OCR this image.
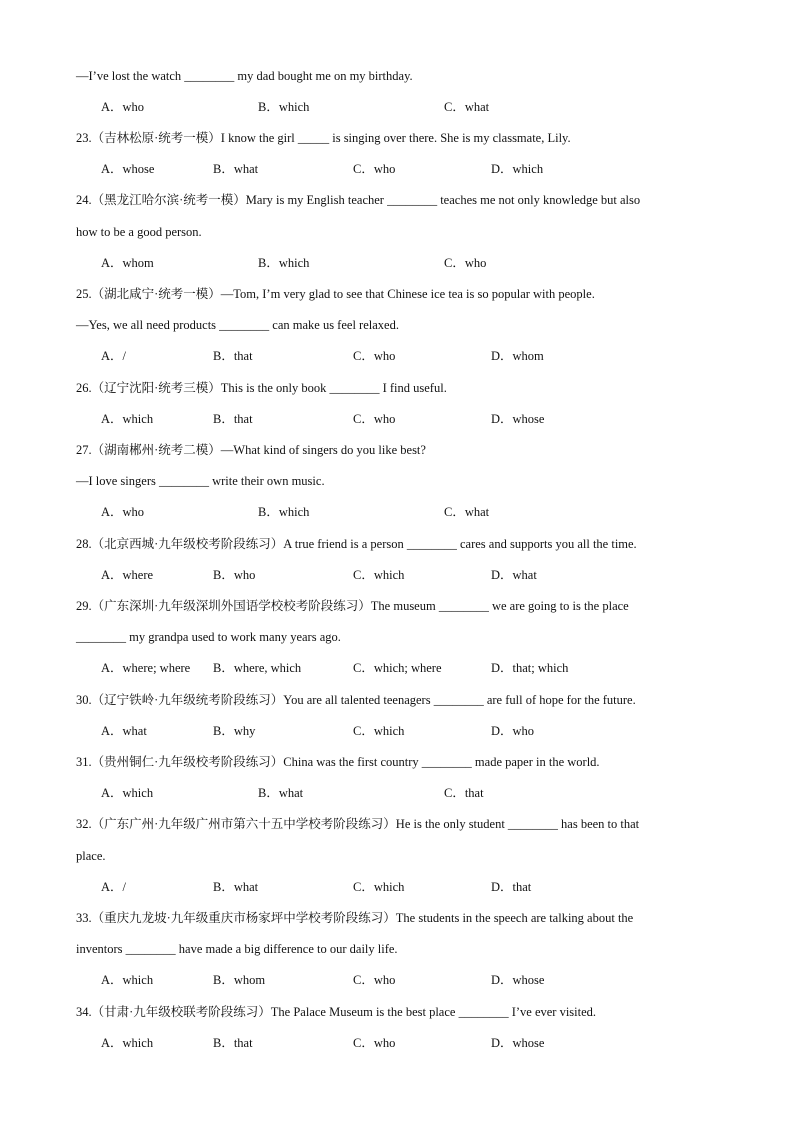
—I’ve lost the watch ________ my dad bought me on my birthday.
A．who	B．which	C．what
23.（吉林松原·统考一模）I know the girl _____ is singing over there. She is my classmate, Lily.
A．whose	B．what	C．who	D．which
24.（黑龙江哈尔滨·统考一模）Mary is my English teacher ________ teaches me not only knowledge but also
how to be a good person.
A．whom	B．which	C．who
25.（湖北咸宁·统考一模）—Tom, I’m very glad to see that Chinese ice tea is so popular with people.
—Yes, we all need products ________ can make us feel relaxed.
A．/	B．that	C．who	D．whom
26.（辽宁沈阳·统考三模）This is the only book ________ I find useful.
A．which	B．that	C．who	D．whose
27.（湖南郴州·统考二模）—What kind of singers do you like best?
—I love singers ________ write their own music.
A．who	B．which	C．what
28.（北京西城·九年级校考阶段练习）A true friend is a person ________ cares and supports you all the time.
A．where	B．who	C．which	D．what
29.（广东深圳·九年级深圳外国语学校校考阶段练习）The museum ________ we are going to is the place
________ my grandpa used to work many years ago.
A．where; where B．where, which	C．which; where	D．that; which
30.（辽宁铁岭·九年级统考阶段练习）You are all talented teenagers ________ are full of hope for the future.
A．what	B．why	C．which	D．who
31.（贵州铜仁·九年级校考阶段练习）China was the first country ________ made paper in the world.
A．which	B．what	C．that
32.（广东广州·九年级广州市第六十五中学校考阶段练习）He is the only student ________ has been to that
place.
A．/	B．what	C．which	D．that
33.（重庆九龙坡·九年级重庆市杨家坪中学校考阶段练习）The students in the speech are talking about the
inventors ________ have made a big difference to our daily life.
A．which	B．whom	C．who	D．whose
34.（甘肃·九年级校联考阶段练习）The Palace Museum is the best place ________ I’ve ever visited.
A．which	B．that	C．who	D．whose
